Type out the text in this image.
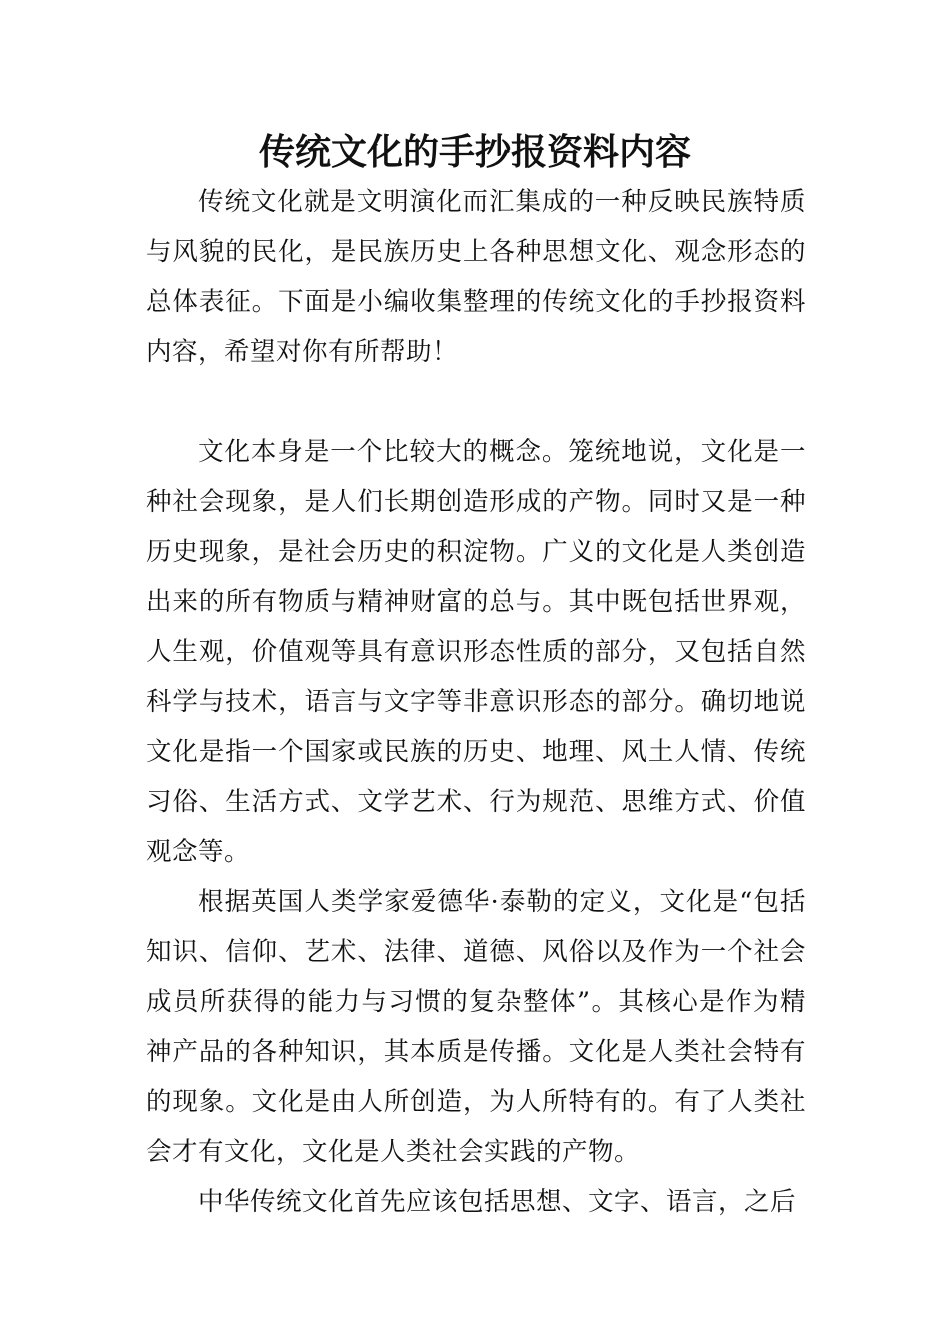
传统文化的手抄报资料内容

传统文化就是文明演化而汇集成的一种反映民族特质与风貌的民化，是民族历史上各种思想文化、观念形态的总体表征。下面是小编收集整理的传统文化的手抄报资料内容，希望对你有所帮助！

文化本身是一个比较大的概念。笼统地说，文化是一种社会现象，是人们长期创造形成的产物。同时又是一种历史现象，是社会历史的积淀物。广义的文化是人类创造出来的所有物质与精神财富的总与。其中既包括世界观，人生观，价值观等具有意识形态性质的部分，又包括自然科学与技术，语言与文字等非意识形态的部分。确切地说文化是指一个国家或民族的历史、地理、风土人情、传统习俗、生活方式、文学艺术、行为规范、思维方式、价值观念等。

根据英国人类学家爱德华·泰勒的定义，文化是“包括知识、信仰、艺术、法律、道德、风俗以及作为一个社会成员所获得的能力与习惯的复杂整体”。其核心是作为精神产品的各种知识，其本质是传播。文化是人类社会特有的现象。文化是由人所创造，为人所特有的。有了人类社会才有文化，文化是人类社会实践的产物。

中华传统文化首先应该包括思想、文字、语言，之后
